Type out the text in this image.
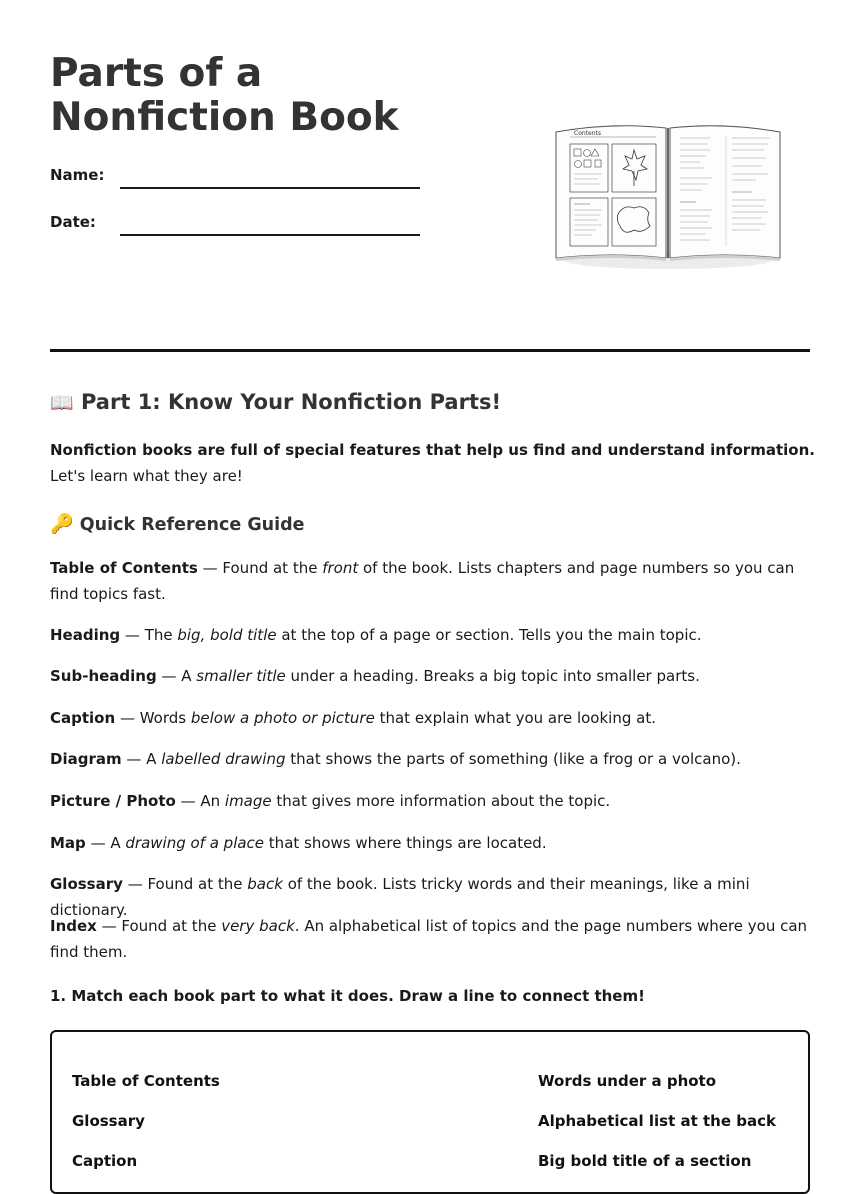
Parts of a Nonfiction Book
Name:
Date:
Contents
📖 Part 1: Know Your Nonfiction Parts!

Nonfiction books are full of special features that help us find and understand information. Let's learn what they are!

🔑 Quick Reference Guide

Table of Contents — Found at the front of the book. Lists chapters and page numbers so you can find topics fast.

Heading — The big, bold title at the top of a page or section. Tells you the main topic.

Sub-heading — A smaller title under a heading. Breaks a big topic into smaller parts.

Caption — Words below a photo or picture that explain what you are looking at.

Diagram — A labelled drawing that shows the parts of something (like a frog or a volcano).

Picture / Photo — An image that gives more information about the topic.

Map — A drawing of a place that shows where things are located.

Glossary — Found at the back of the book. Lists tricky words and their meanings, like a mini dictionary.

Index — Found at the very back. An alphabetical list of topics and the page numbers where you can find them.

1. Match each book part to what it does. Draw a line to connect them!

Table of Contents
Glossary
Caption
Words under a photo
Alphabetical list at the back
Big bold title of a section
